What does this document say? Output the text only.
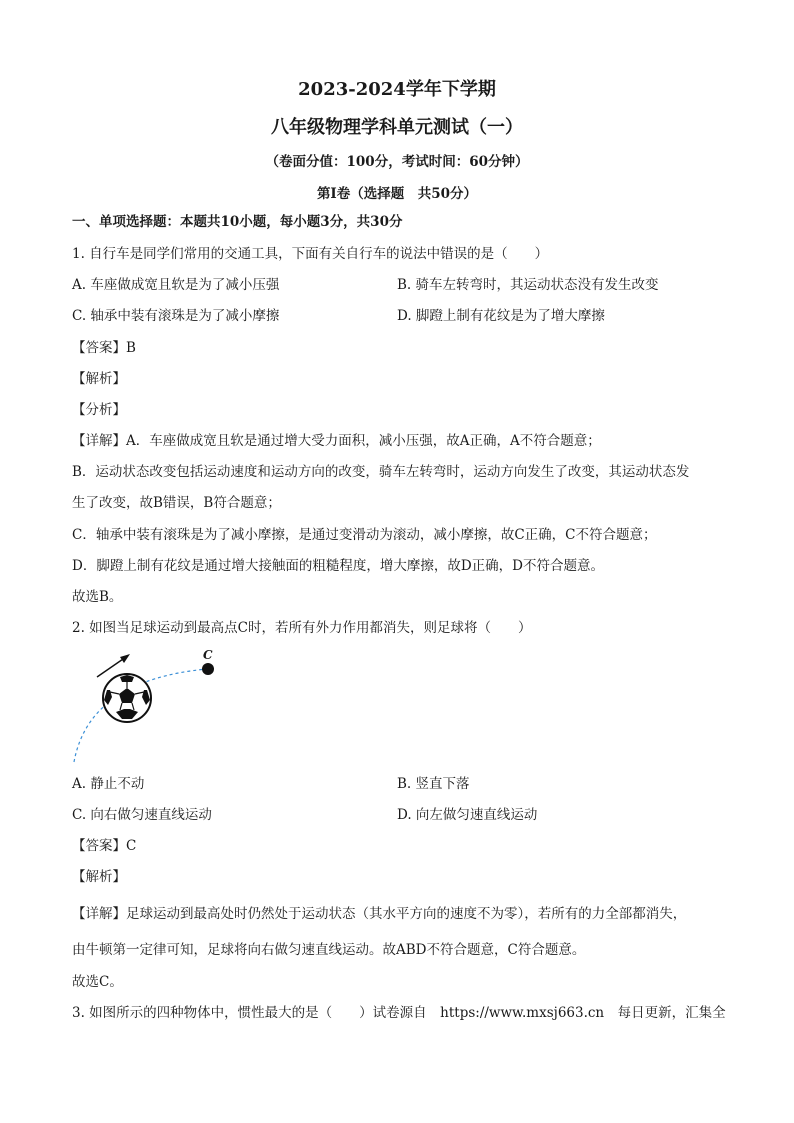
2023-2024学年下学期
八年级物理学科单元测试（一）
（卷面分值：100分，考试时间：60分钟）
第Ⅰ卷（选择题　共50分）
一、单项选择题：本题共10小题，每小题3分，共30分
1. 自行车是同学们常用的交通工具，下面有关自行车的说法中错误的是（　　）
A. 车座做成宽且软是为了减小压强	B. 骑车左转弯时，其运动状态没有发生改变
C. 轴承中装有滚珠是为了减小摩擦	D. 脚蹬上制有花纹是为了增大摩擦
【答案】B
【解析】
【分析】
【详解】A．车座做成宽且软是通过增大受力面积，减小压强，故A正确，A不符合题意；
B．运动状态改变包括运动速度和运动方向的改变，骑车左转弯时，运动方向发生了改变，其运动状态发
生了改变，故B错误，B符合题意；
C．轴承中装有滚珠是为了减小摩擦，是通过变滑动为滚动，减小摩擦，故C正确，C不符合题意；
D．脚蹬上制有花纹是通过增大接触面的粗糙程度，增大摩擦，故D正确，D不符合题意。
故选B。
2. 如图当足球运动到最高点C时，若所有外力作用都消失，则足球将（　　）
C
A. 静止不动	B. 竖直下落
C. 向右做匀速直线运动	D. 向左做匀速直线运动
【答案】C
【解析】
【详解】足球运动到最高处时仍然处于运动状态（其水平方向的速度不为零），若所有的力全部都消失，
由牛顿第一定律可知，足球将向右做匀速直线运动。故ABD不符合题意，C符合题意。
故选C。
3. 如图所示的四种物体中，惯性最大的是（　　）试卷源自　https://www.mxsj663.cn　每日更新，汇集全
